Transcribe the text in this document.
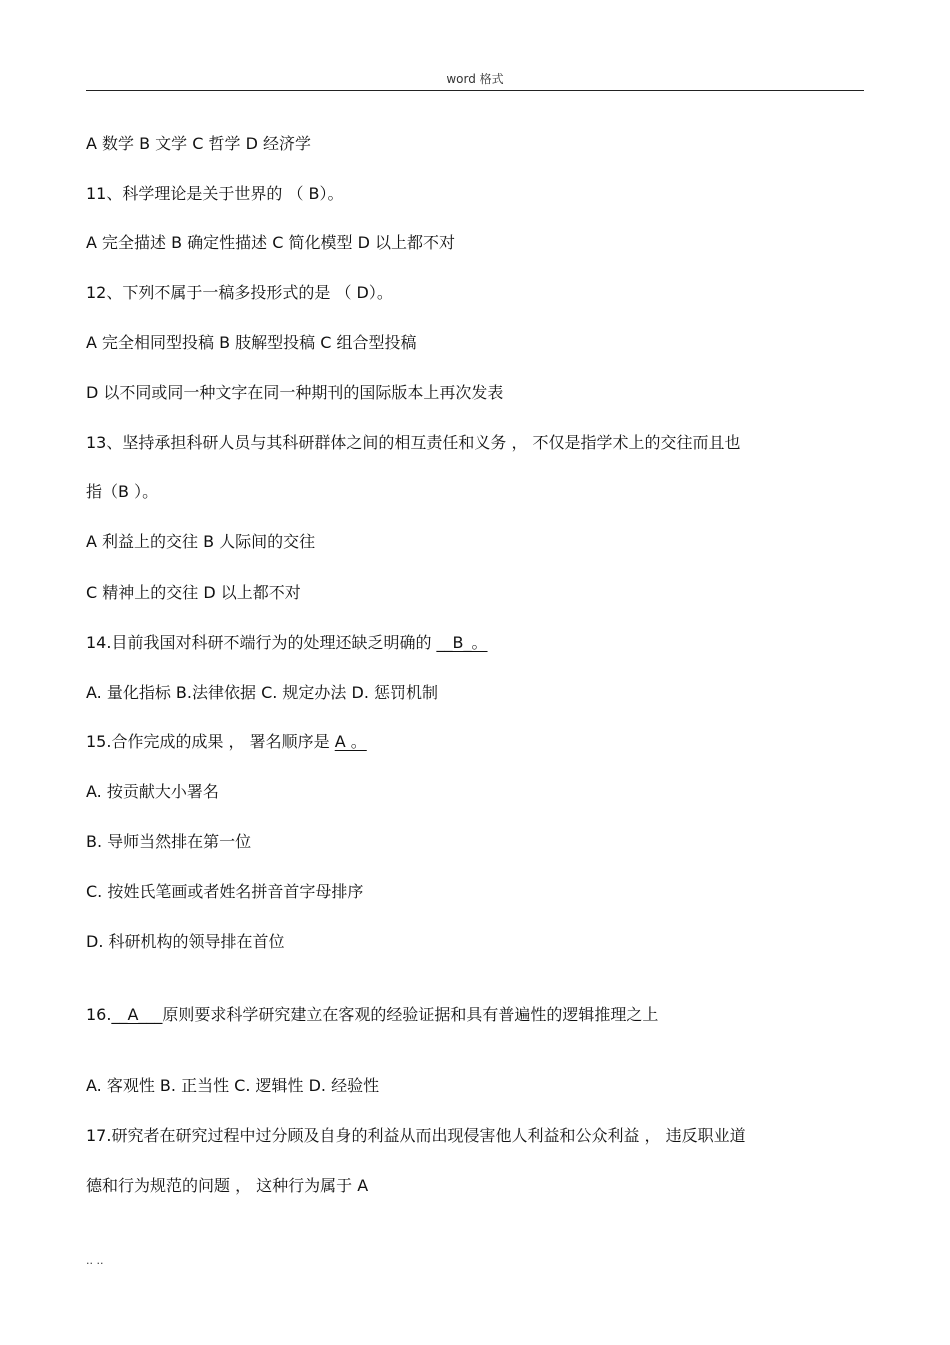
word 格式
A 数学 B 文学 C 哲学 D 经济学
11、科学理论是关于世界的 （ B）。
A 完全描述 B 确定性描述 C 简化模型 D 以上都不对
12、下列不属于一稿多投形式的是 （ D）。
A 完全相同型投稿 B 肢解型投稿 C 组合型投稿
D 以不同或同一种文字在同一种期刊的国际版本上再次发表
13、坚持承担科研人员与其科研群体之间的相互责任和义务 ， 不仅是指学术上的交往而且也
指（B ）。
A 利益上的交往 B 人际间的交往
C 精神上的交往 D 以上都不对
14.目前我国对科研不端行为的处理还缺乏明确的 __B_。
A. 量化指标 B.法律依据 C. 规定办法 D. 惩罚机制
15.合作完成的成果 ， 署名顺序是 A 。
A. 按贡献大小署名
B. 导师当然排在第一位
C. 按姓氏笔画或者姓名拼音首字母排序
D. 科研机构的领导排在首位
16.__A___原则要求科学研究建立在客观的经验证据和具有普遍性的逻辑推理之上
A. 客观性 B. 正当性 C. 逻辑性 D. 经验性
17.研究者在研究过程中过分顾及自身的利益从而出现侵害他人利益和公众利益 ， 违反职业道
德和行为规范的问题 ， 这种行为属于 A
.. ..
